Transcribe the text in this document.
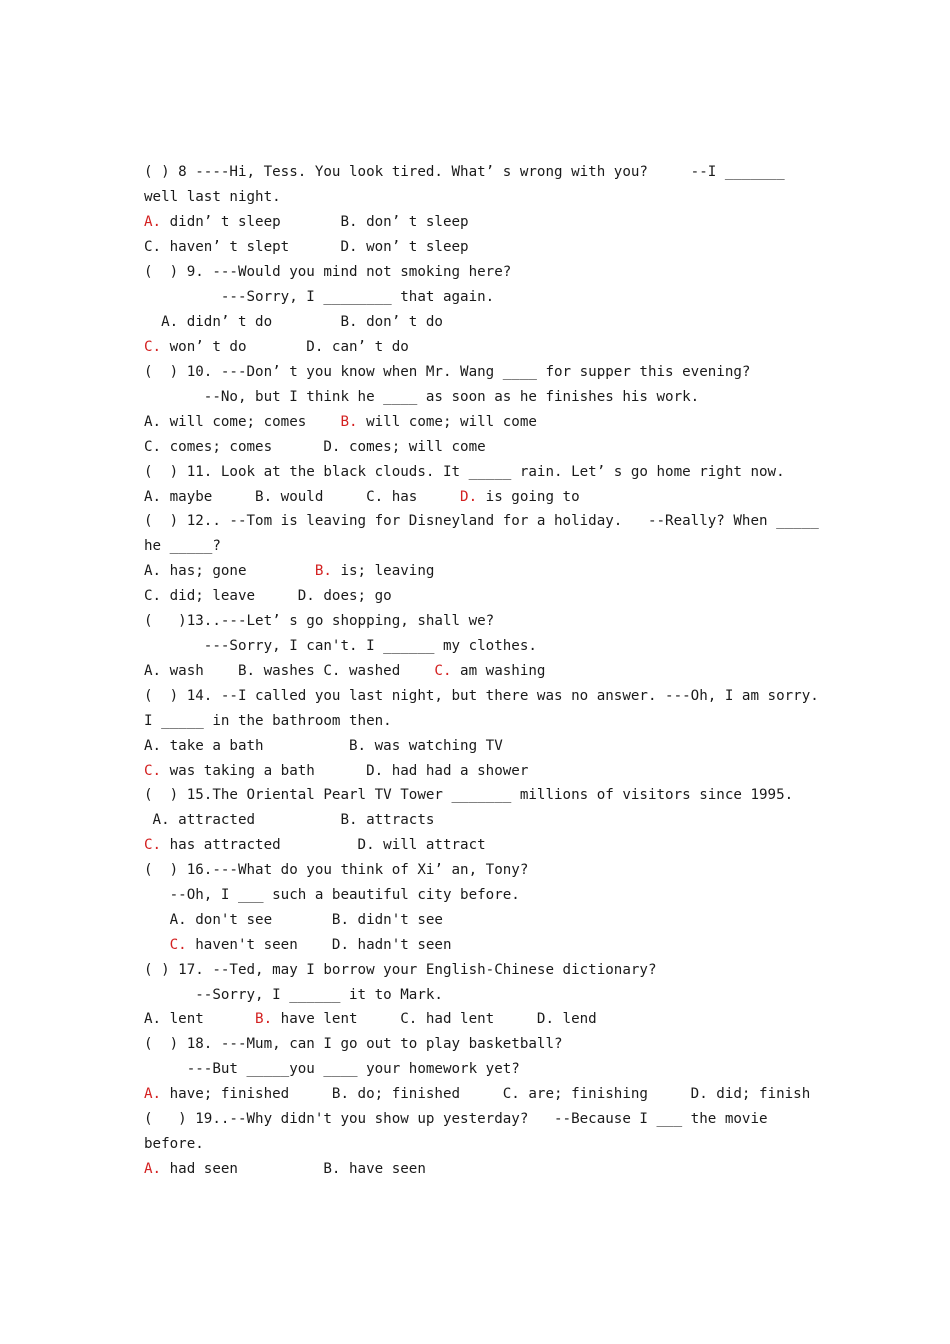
( ) 8 ----Hi, Tess. You look tired. What’ s wrong with you?     --I _______
well last night.
A. didn’ t sleep       B. don’ t sleep
C. haven’ t slept      D. won’ t sleep
(  ) 9. ---Would you mind not smoking here?
---Sorry, I ________ that again.
A. didn’ t do        B. don’ t do
C. won’ t do       D. can’ t do
(  ) 10. ---Don’ t you know when Mr. Wang ____ for supper this evening?
--No, but I think he ____ as soon as he finishes his work.
A. will come; comes    B. will come; will come
C. comes; comes      D. comes; will come
(  ) 11. Look at the black clouds. It _____ rain. Let’ s go home right now.
A. maybe     B. would     C. has     D. is going to
(  ) 12.. --Tom is leaving for Disneyland for a holiday.   --Really? When _____
he _____?
A. has; gone        B. is; leaving
C. did; leave     D. does; go
(   )13..---Let’ s go shopping, shall we?
---Sorry, I can't. I ______ my clothes.
A. wash    B. washes C. washed    C. am washing
(  ) 14. --I called you last night, but there was no answer. ---Oh, I am sorry.
I _____ in the bathroom then.
A. take a bath          B. was watching TV
C. was taking a bath      D. had had a shower
(  ) 15.The Oriental Pearl TV Tower _______ millions of visitors since 1995.
A. attracted          B. attracts
C. has attracted         D. will attract
(  ) 16.---What do you think of Xi’ an, Tony?
--Oh, I ___ such a beautiful city before.
A. don't see       B. didn't see
C. haven't seen    D. hadn't seen
( ) 17. --Ted, may I borrow your English-Chinese dictionary?
--Sorry, I ______ it to Mark.
A. lent      B. have lent     C. had lent     D. lend
(  ) 18. ---Mum, can I go out to play basketball?
---But _____you ____ your homework yet?
A. have; finished     B. do; finished     C. are; finishing     D. did; finish
(   ) 19..--Why didn't you show up yesterday?   --Because I ___ the movie
before.
A. had seen          B. have seen
